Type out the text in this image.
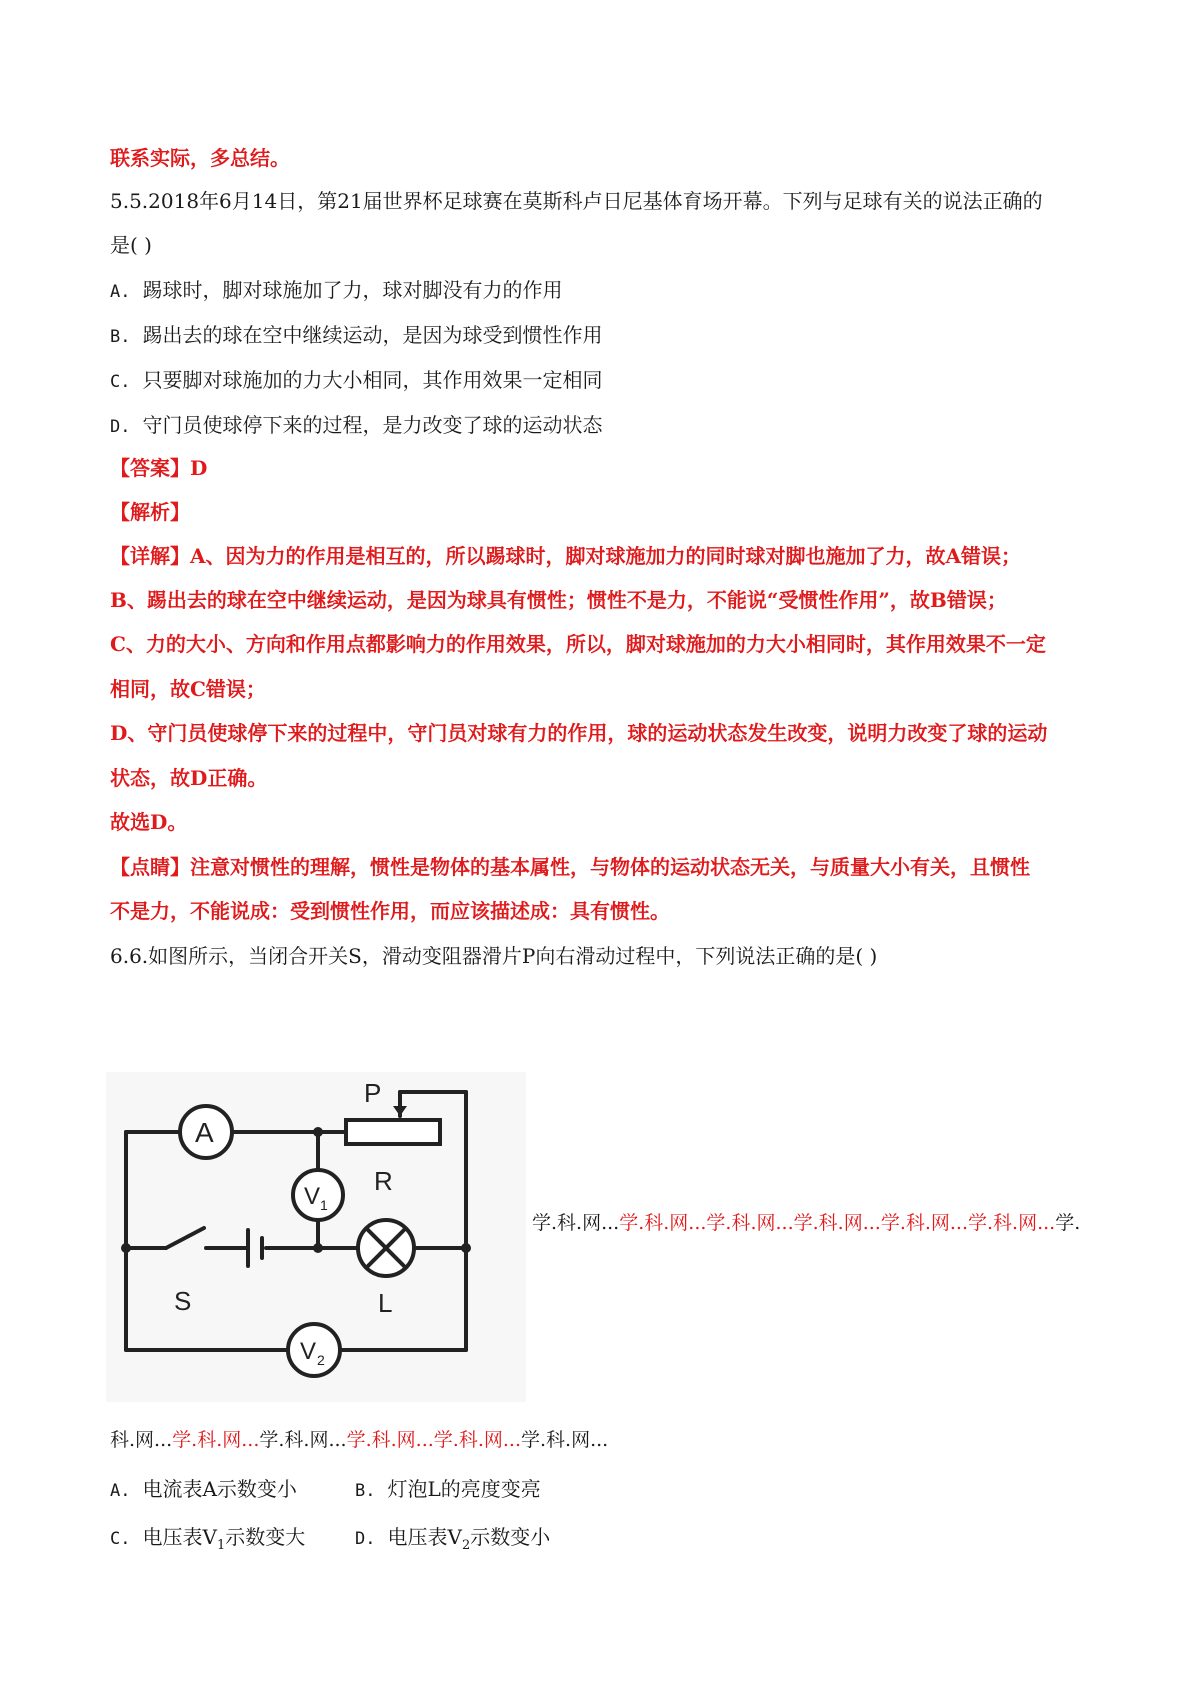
联系实际，多总结。
5.5.2018年6月14日，第21届世界杯足球赛在莫斯科卢日尼基体育场开幕。下列与足球有关的说法正确的
是( )
A. 踢球时，脚对球施加了力，球对脚没有力的作用
B. 踢出去的球在空中继续运动，是因为球受到惯性作用
C. 只要脚对球施加的力大小相同，其作用效果一定相同
D. 守门员使球停下来的过程，是力改变了球的运动状态
【答案】D
【解析】
【详解】A、因为力的作用是相互的，所以踢球时，脚对球施加力的同时球对脚也施加了力，故A错误；
B、踢出去的球在空中继续运动，是因为球具有惯性；惯性不是力，不能说“受惯性作用”，故B错误；
C、力的大小、方向和作用点都影响力的作用效果，所以，脚对球施加的力大小相同时，其作用效果不一定
相同，故C错误；
D、守门员使球停下来的过程中，守门员对球有力的作用，球的运动状态发生改变，说明力改变了球的运动
状态，故D正确。
故选D。
【点睛】注意对惯性的理解，惯性是物体的基本属性，与物体的运动状态无关，与质量大小有关，且惯性
不是力，不能说成：受到惯性作用，而应该描述成：具有惯性。
6.6.如图所示，当闭合开关S，滑动变阻器滑片P向右滑动过程中，下列说法正确的是( )
P
A
V 1
R
S	L
V 2
学.科.网...学.科.网...学.科.网...学.科.网...学.科.网...学.科.网...学.
科.网...学.科.网...学.科.网...学.科.网...学.科.网...学.科.网...
A. 电流表A示数变小	B. 灯泡L的亮度变亮
C. 电压表$V_1$示数变大	D. 电压表$V_2$示数变小
